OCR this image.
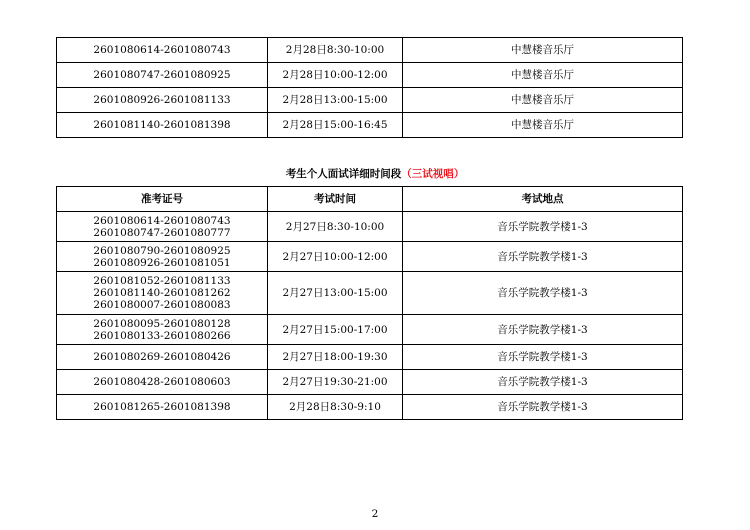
2601080614-2601080743	2月28日8:30-10:00	中慧楼音乐厅

2601080747-2601080925	2月28日10:00-12:00	中慧楼音乐厅

2601080926-2601081133	2月28日13:00-15:00	中慧楼音乐厅

2601081140-2601081398	2月28日15:00-16:45	中慧楼音乐厅
考生个人面试详细时间段（三试视唱）
准考证号	考试时间	考试地点

2601080614-2601080743
2601080747-2601080777	2月27日8:30-10:00	音乐学院教学楼1-3

2601080790-2601080925
2601080926-2601081051	2月27日10:00-12:00	音乐学院教学楼1-3

2601081052-2601081133
2601081140-2601081262
2601080007-2601080083	2月27日13:00-15:00	音乐学院教学楼1-3

2601080095-2601080128
2601080133-2601080266	2月27日15:00-17:00	音乐学院教学楼1-3

2601080269-2601080426	2月27日18:00-19:30	音乐学院教学楼1-3

2601080428-2601080603	2月27日19:30-21:00	音乐学院教学楼1-3

2601081265-2601081398	2月28日8:30-9:10	音乐学院教学楼1-3
2
